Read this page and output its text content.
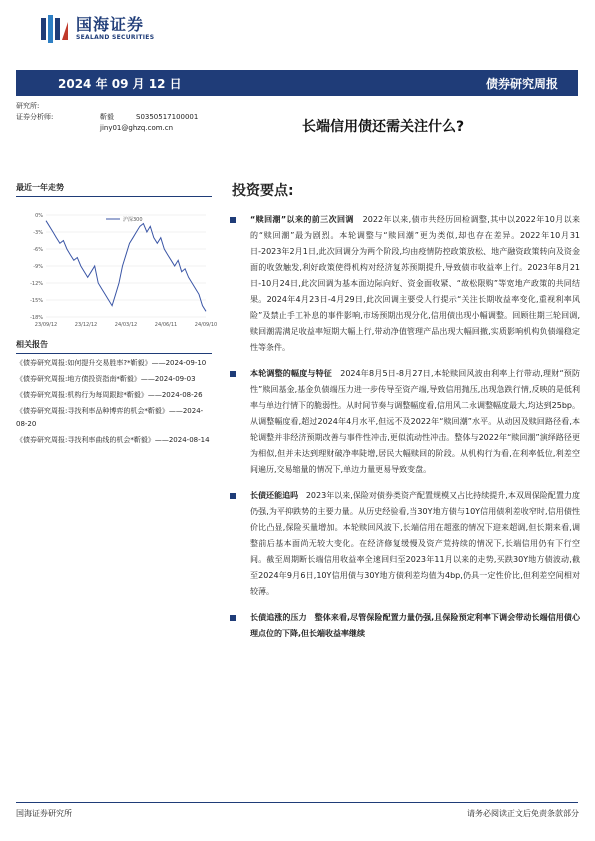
国海证券
SEALAND SECURITIES
2024 年 09 月 12 日	债券研究周报
研究所:
证券分析师:	靳毅	S0350517100001
jiny01@ghzq.com.cn	长端信用债还需关注什么?
最近一年走势
0%
-3%
-6%
-9%
-12%
-15%
-18%
23/09/12	23/12/12	24/03/12	24/06/11	24/09/10
沪深300
相关报告
《债券研究周报:如何提升交易胜率?*靳毅》——2024-09-10
《债券研究周报:地方债投资指南*靳毅》——2024-09-03
《债券研究周报:机构行为每周跟踪*靳毅》——2024-08-26
《债券研究周报:寻找利率品种博弈的机会*靳毅》——2024-08-20
《债券研究周报:寻找利率曲线的机会*靳毅》——2024-08-14
投资要点:
“赎回潮”以来的前三次回调 2022年以来,债市共经历回检调整,其中以2022年10月以来的“赎回潮”最为剧烈。本轮调整与“赎回潮”更为类似,却也存在差异。2022年10月31日-2023年2月1日,此次回调分为两个阶段,均由疫情防控政策放松、地产融资政策转向及资金面的收敛触发,利好政策使得机构对经济复苏预期提升,导致债市收益率上行。2023年8月21日-10月24日,此次回调为基本面边际向好、资金面收紧、“故松限购”等宽地产政策的共同结果。2024年4月23日-4月29日,此次回调主要受人行提示“关注长期收益率变化,重视利率风险”及禁止手工补息的事件影响,市场预期出现分化,信用债出现小幅调整。回顾往期三轮回调,赎回潮需满足收益率短期大幅上行,带动净值管理产品出现大幅回撤,实质影响机构负债端稳定性等条件。
本轮调整的幅度与特征 2024年8月5日-8月27日,本轮赎回风波由利率上行带动,理财“预防性”赎回基金,基金负债端压力进一步传导至资产端,导致信用抛压,出现急跌行情,反映的是低利率与单边行情下的脆弱性。从时间节奏与调整幅度看,信用风二永调整幅度最大,均达到25bp。从调整幅度看,超过2024年4月水平,但远不及2022年“赎回潮”水平。从动因及赎回路径看,本轮调整并非经济预期改善与事件性冲击,更似流动性冲击。整体与2022年“赎回潮”演绎路径更为相似,但并未达到理财破净率陡增,居民大幅赎回的阶段。从机构行为看,在利率低位,利差空间遍历,交易缩量的情况下,单边力量更易导致变盘。
长债还能追吗 2023年以来,保险对债券类资产配置规模又占比持续提升,本双周保险配置力度仍强,为平抑跌势的主要力量。从历史经验看,当30Y地方债与10Y信用债利差收窄时,信用债性价比凸显,保险买量增加。本轮赎回风波下,长端信用在超涨的情况下迎来超调,但长期来看,调整前后基本面尚无较大变化。在经济修复缓慢及资产荒持续的情况下,长端信用仍有下行空间。截至周期断长端信用收益率全速回归至2023年11月以来的走势,买跌30Y地方债波动,截至2024年9月6日,10Y信用债与30Y地方债利差均值为4bp,仍具一定性价比,但利差空间相对较薄。
长债追涨的压力 整体来看,尽管保险配置力量仍强,且保险预定利率下调会带动长端信用债心理点位的下降,但长端收益率继续
国海证券研究所	请务必阅读正文后免责条款部分
